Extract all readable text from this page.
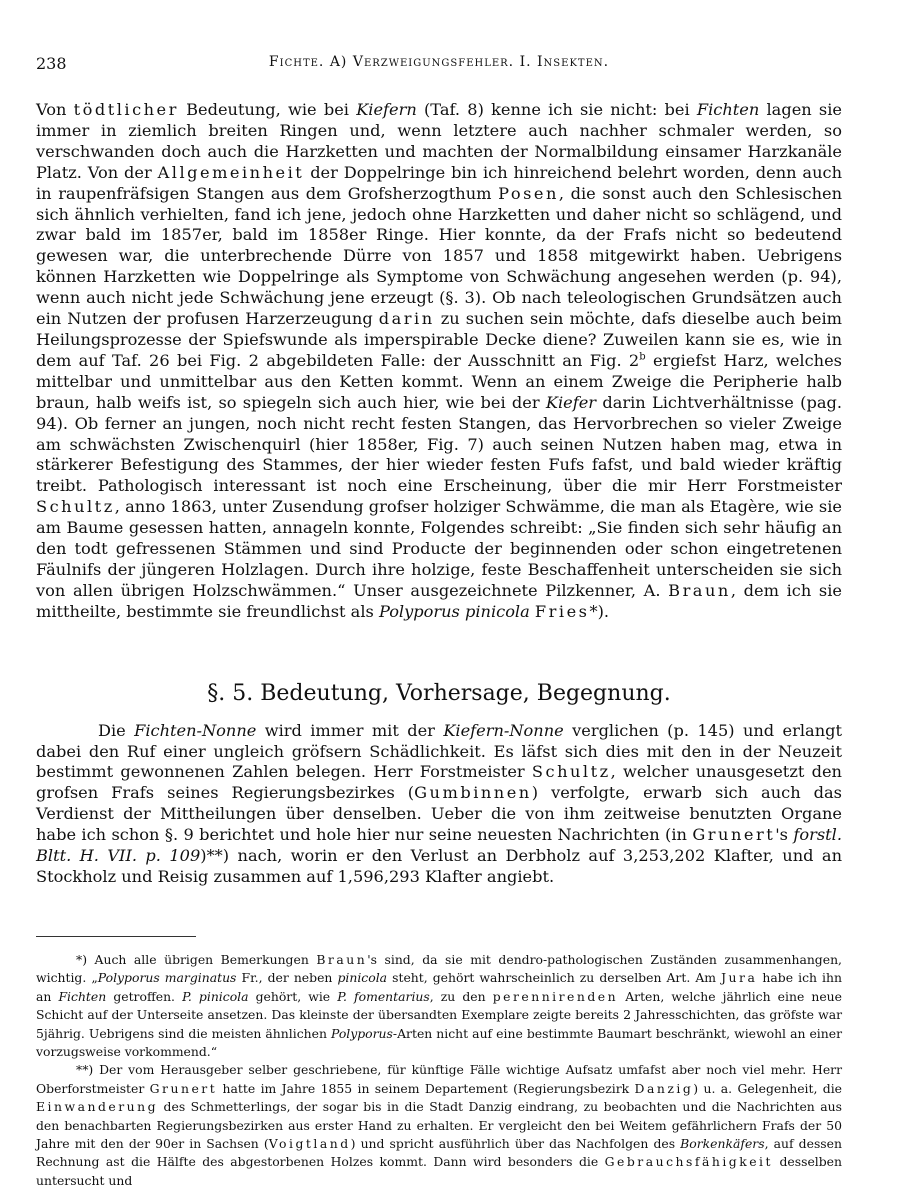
238	Fichte. A) Verzweigungsfehler. I. Insekten.

Von tödtlicher Bedeutung, wie bei Kiefern (Taf. 8) kenne ich sie nicht: bei Fichten lagen sie immer in ziemlich breiten Ringen und, wenn letztere auch nachher schmaler werden, so verschwanden doch auch die Harzketten und machten der Normalbildung einsamer Harzkanäle Platz. Von der Allgemeinheit der Doppelringe bin ich hinreichend belehrt worden, denn auch in raupenfräfsigen Stangen aus dem Grofsherzogthum Posen, die sonst auch den Schlesischen sich ähnlich verhielten, fand ich jene, jedoch ohne Harzketten und daher nicht so schlägend, und zwar bald im 1857er, bald im 1858er Ringe. Hier konnte, da der Frafs nicht so bedeutend gewesen war, die unterbrechende Dürre von 1857 und 1858 mitgewirkt haben. Uebrigens können Harzketten wie Doppelringe als Symptome von Schwächung angesehen werden (p. 94), wenn auch nicht jede Schwächung jene erzeugt (§. 3). Ob nach teleologischen Grundsätzen auch ein Nutzen der profusen Harzerzeugung darin zu suchen sein möchte, dafs dieselbe auch beim Heilungsprozesse der Spiefswunde als imperspirable Decke diene? Zuweilen kann sie es, wie in dem auf Taf. 26 bei Fig. 2 abgebildeten Falle: der Ausschnitt an Fig. 2$^b$ ergiefst Harz, welches mittelbar und unmittelbar aus den Ketten kommt. Wenn an einem Zweige die Peripherie halb braun, halb weifs ist, so spiegeln sich auch hier, wie bei der Kiefer darin Lichtverhältnisse (pag. 94). Ob ferner an jungen, noch nicht recht festen Stangen, das Hervorbrechen so vieler Zweige am schwächsten Zwischenquirl (hier 1858er, Fig. 7) auch seinen Nutzen haben mag, etwa in stärkerer Befestigung des Stammes, der hier wieder festen Fufs fafst, und bald wieder kräftig treibt. Pathologisch interessant ist noch eine Erscheinung, über die mir Herr Forstmeister Schultz, anno 1863, unter Zusendung grofser holziger Schwämme, die man als Etagère, wie sie am Baume gesessen hatten, annageln konnte, Folgendes schreibt: „Sie finden sich sehr häufig an den todt gefressenen Stämmen und sind Producte der beginnenden oder schon eingetretenen Fäulnifs der jüngeren Holzlagen. Durch ihre holzige, feste Beschaffenheit unterscheiden sie sich von allen übrigen Holzschwämmen.“ Unser ausgezeichnete Pilzkenner, A. Braun, dem ich sie mittheilte, bestimmte sie freundlichst als Polyporus pinicola Fries*).

§. 5. Bedeutung, Vorhersage, Begegnung.

Die Fichten-Nonne wird immer mit der Kiefern-Nonne verglichen (p. 145) und erlangt dabei den Ruf einer ungleich gröfsern Schädlichkeit. Es läfst sich dies mit den in der Neuzeit bestimmt gewonnenen Zahlen belegen. Herr Forstmeister Schultz, welcher unausgesetzt den grofsen Frafs seines Regierungsbezirkes (Gumbinnen) verfolgte, erwarb sich auch das Verdienst der Mittheilungen über denselben. Ueber die von ihm zeitweise benutzten Organe habe ich schon §. 9 berichtet und hole hier nur seine neuesten Nachrichten (in Grunert's forstl. Bltt. H. VII. p. 109)**) nach, worin er den Verlust an Derbholz auf 3,253,202 Klafter, und an Stockholz und Reisig zusammen auf 1,596,293 Klafter angiebt.

*) Auch alle übrigen Bemerkungen Braun's sind, da sie mit dendro-pathologischen Zuständen zusammenhangen, wichtig. „Polyporus marginatus Fr., der neben pinicola steht, gehört wahrscheinlich zu derselben Art. Am Jura habe ich ihn an Fichten getroffen. P. pinicola gehört, wie P. fomentarius, zu den perennirenden Arten, welche jährlich eine neue Schicht auf der Unterseite ansetzen. Das kleinste der übersandten Exemplare zeigte bereits 2 Jahresschichten, das gröfste war 5jährig. Uebrigens sind die meisten ähnlichen Polyporus-Arten nicht auf eine bestimmte Baumart beschränkt, wiewohl an einer vorzugsweise vorkommend.“

**) Der vom Herausgeber selber geschriebene, für künftige Fälle wichtige Aufsatz umfafst aber noch viel mehr. Herr Oberforstmeister Grunert hatte im Jahre 1855 in seinem Departement (Regierungsbezirk Danzig) u. a. Gelegenheit, die Einwanderung des Schmetterlings, der sogar bis in die Stadt Danzig eindrang, zu beobachten und die Nachrichten aus den benachbarten Regierungsbezirken aus erster Hand zu erhalten. Er vergleicht den bei Weitem gefährlichern Frafs der 50 Jahre mit den der 90er in Sachsen (Voigtland) und spricht ausführlich über das Nachfolgen des Borkenkäfers, auf dessen Rechnung ast die Hälfte des abgestorbenen Holzes kommt. Dann wird besonders die Gebrauchsfähigkeit desselben untersucht und
